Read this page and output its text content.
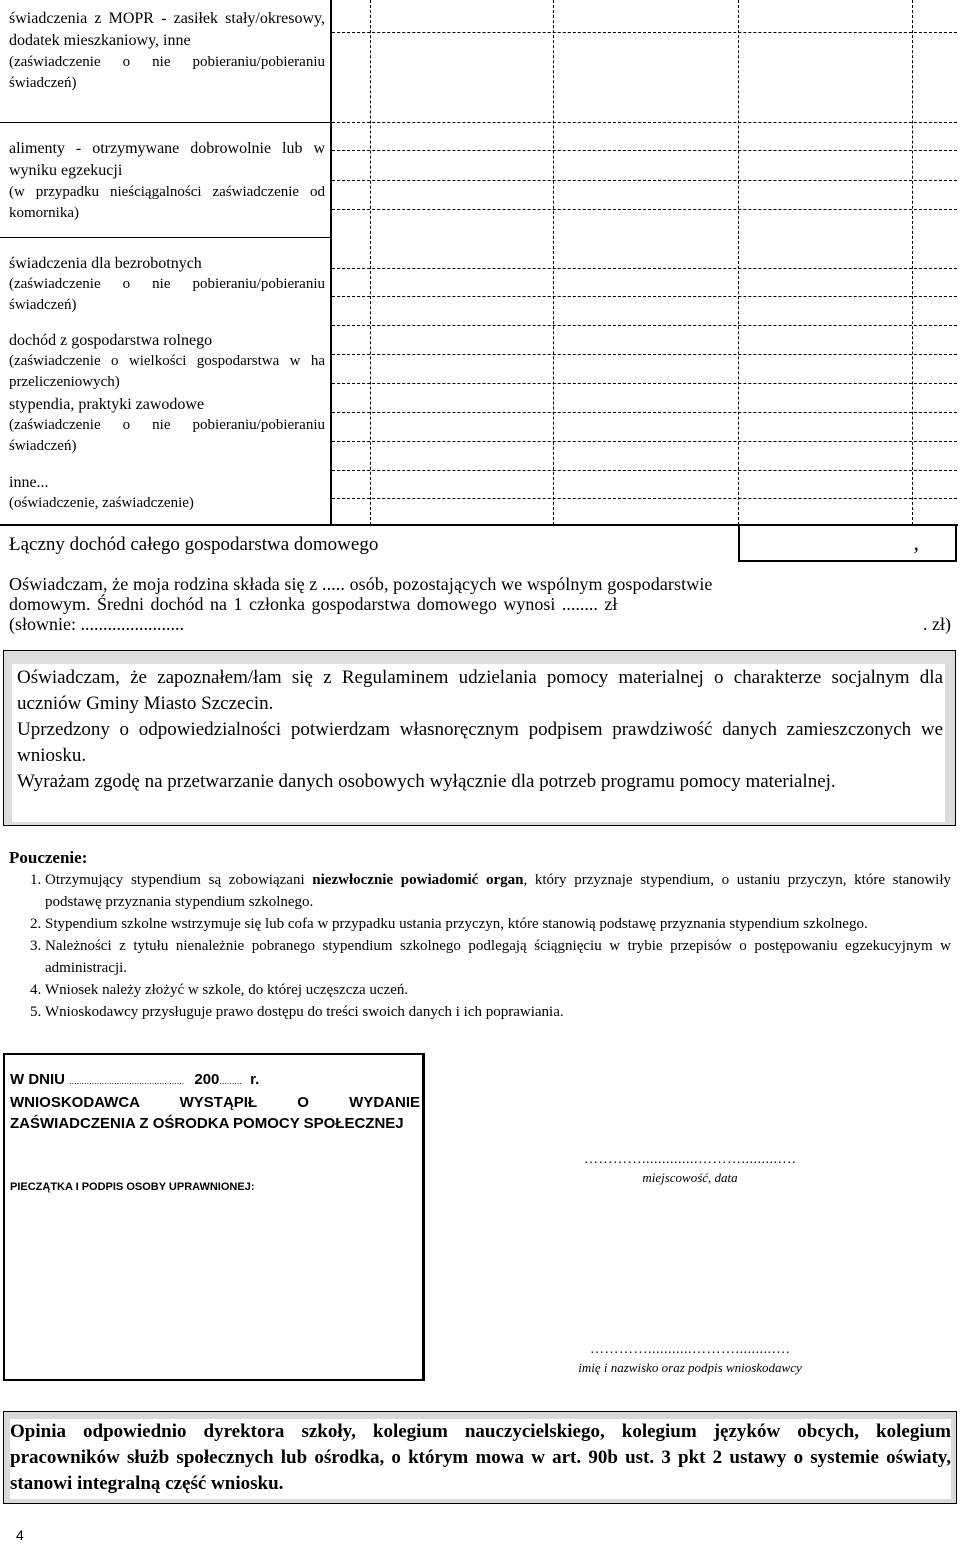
świadczenia z MOPR - zasiłek stały/okresowy, dodatek mieszkaniowy, inne
(zaświadczenie o nie pobieraniu/pobieraniu świadczeń)
alimenty - otrzymywane dobrowolnie lub w wyniku egzekucji
(w przypadku nieściągalności zaświadczenie od komornika)
świadczenia dla bezrobotnych
(zaświadczenie o nie pobieraniu/pobieraniu świadczeń)
dochód z gospodarstwa rolnego
(zaświadczenie o wielkości gospodarstwa w ha przeliczeniowych)
stypendia, praktyki zawodowe
(zaświadczenie o nie pobieraniu/pobieraniu świadczeń)
inne...
(oświadczenie, zaświadczenie)
Łączny dochód całego gospodarstwa domowego	,
Oświadczam, że moja rodzina składa się z ..... osób, pozostających we wspólnym gospodarstwie
domowym. Średni dochód na 1 członka gospodarstwa domowego wynosi ........ zł
(słownie: .......................	. zł)
Oświadczam, że zapoznałem/łam się z Regulaminem udzielania pomocy materialnej o charakterze socjalnym dla uczniów Gminy Miasto Szczecin.
Uprzedzony o odpowiedzialności potwierdzam własnoręcznym podpisem prawdziwość danych zamieszczonych we wniosku.
Wyrażam zgodę na przetwarzanie danych osobowych wyłącznie dla potrzeb programu pomocy materialnej.
Pouczenie:
1. Otrzymujący stypendium są zobowiązani niezwłocznie powiadomić organ, który przyznaje stypendium, o ustaniu przyczyn, które stanowiły podstawę przyznania stypendium szkolnego.
2. Stypendium szkolne wstrzymuje się lub cofa w przypadku ustania przyczyn, które stanowią podstawę przyznania stypendium szkolnego.
3. Należności z tytułu nienależnie pobranego stypendium szkolnego podlegają ściągnięciu w trybie przepisów o postępowaniu egzekucyjnym w administracji.
4. Wniosek należy złożyć w szkole, do której uczęszcza uczeń.
5. Wnioskodawcy przysługuje prawo dostępu do treści swoich danych i ich poprawiania.
W DNIU .............................................. 200......... r.
WNIOSKODAWCA WYSTĄPIŁ O WYDANIE ZAŚWIADCZENIA Z OŚRODKA POMOCY SPOŁECZNEJ
PIECZĄTKA I PODPIS OSOBY UPRAWNIONEJ:
…………..............……….........….
miejscowość, data
…………...........……….........….
imię i nazwisko oraz podpis wnioskodawcy
Opinia odpowiednio dyrektora szkoły, kolegium nauczycielskiego, kolegium języków obcych, kolegium pracowników służb społecznych lub ośrodka, o którym mowa w art. 90b ust. 3 pkt 2 ustawy o systemie oświaty, stanowi integralną część wniosku.
4
